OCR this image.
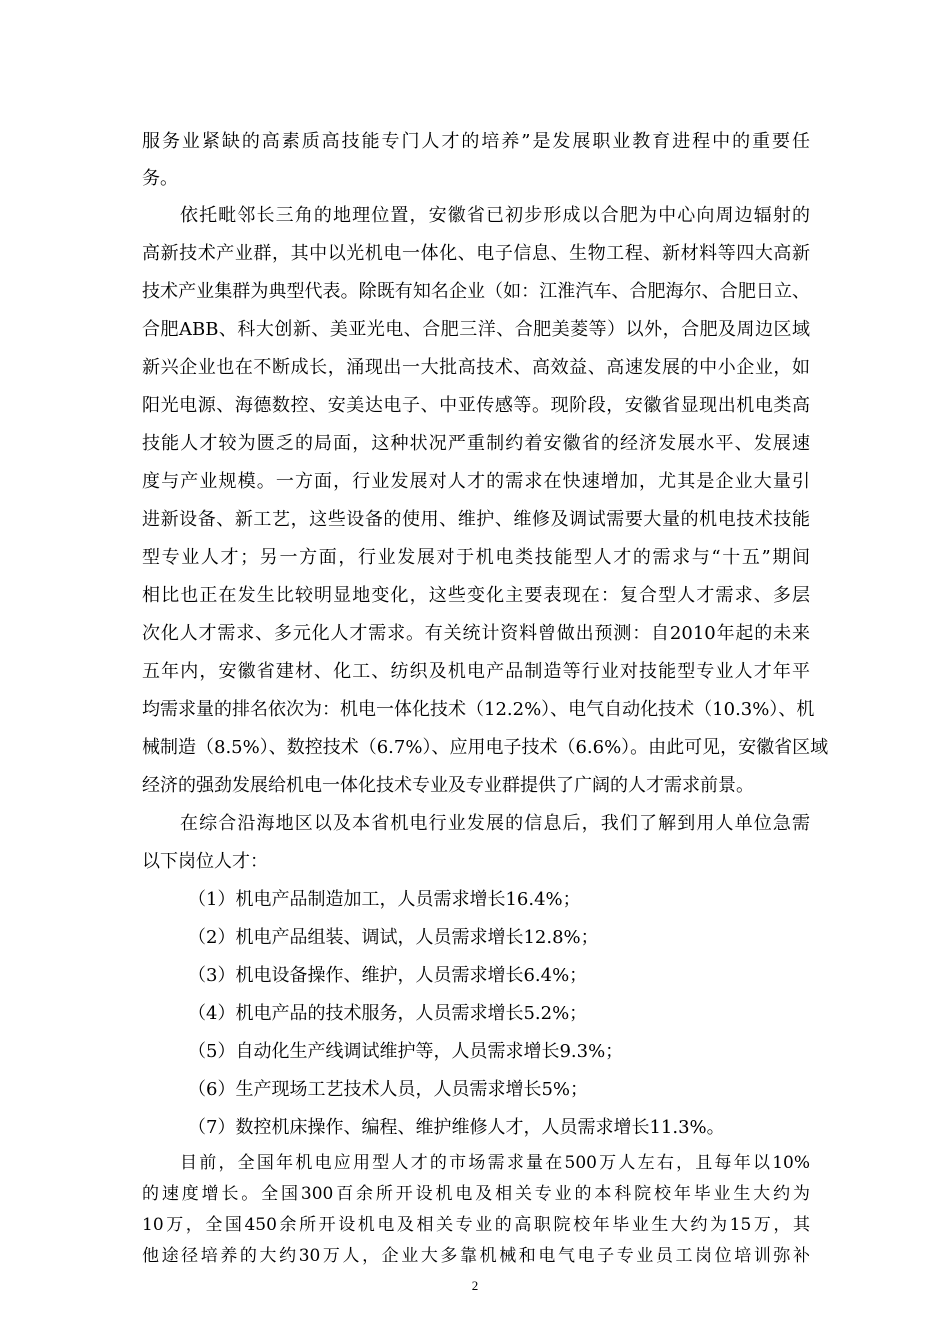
服务业紧缺的高素质高技能专门人才的培养”是发展职业教育进程中的重要任
务。
依托毗邻长三角的地理位置，安徽省已初步形成以合肥为中心向周边辐射的
高新技术产业群，其中以光机电一体化、电子信息、生物工程、新材料等四大高新
技术产业集群为典型代表。除既有知名企业（如：江淮汽车、合肥海尔、合肥日立、
合肥ABB、科大创新、美亚光电、合肥三洋、合肥美菱等）以外，合肥及周边区域
新兴企业也在不断成长，涌现出一大批高技术、高效益、高速发展的中小企业，如
阳光电源、海德数控、安美达电子、中亚传感等。现阶段，安徽省显现出机电类高
技能人才较为匮乏的局面，这种状况严重制约着安徽省的经济发展水平、发展速
度与产业规模。一方面，行业发展对人才的需求在快速增加，尤其是企业大量引
进新设备、新工艺，这些设备的使用、维护、维修及调试需要大量的机电技术技能
型专业人才；另一方面，行业发展对于机电类技能型人才的需求与“十五”期间
相比也正在发生比较明显地变化，这些变化主要表现在：复合型人才需求、多层
次化人才需求、多元化人才需求。有关统计资料曾做出预测：自2010年起的未来
五年内，安徽省建材、化工、纺织及机电产品制造等行业对技能型专业人才年平
均需求量的排名依次为：机电一体化技术（12.2%）、电气自动化技术（10.3%）、机
械制造（8.5%）、数控技术（6.7%）、应用电子技术（6.6%）。由此可见，安徽省区域
经济的强劲发展给机电一体化技术专业及专业群提供了广阔的人才需求前景。
在综合沿海地区以及本省机电行业发展的信息后，我们了解到用人单位急需
以下岗位人才：
（1）机电产品制造加工，人员需求增长16.4%；
（2）机电产品组装、调试，人员需求增长12.8%；
（3）机电设备操作、维护，人员需求增长6.4%；
（4）机电产品的技术服务，人员需求增长5.2%；
（5）自动化生产线调试维护等，人员需求增长9.3%；
（6）生产现场工艺技术人员，人员需求增长5%；
（7）数控机床操作、编程、维护维修人才，人员需求增长11.3%。
目前，全国年机电应用型人才的市场需求量在500万人左右，且每年以10%
的速度增长。全国300百余所开设机电及相关专业的本科院校年毕业生大约为
10万，全国450余所开设机电及相关专业的高职院校年毕业生大约为15万，其
他途径培养的大约30万人，企业大多靠机械和电气电子专业员工岗位培训弥补
2
